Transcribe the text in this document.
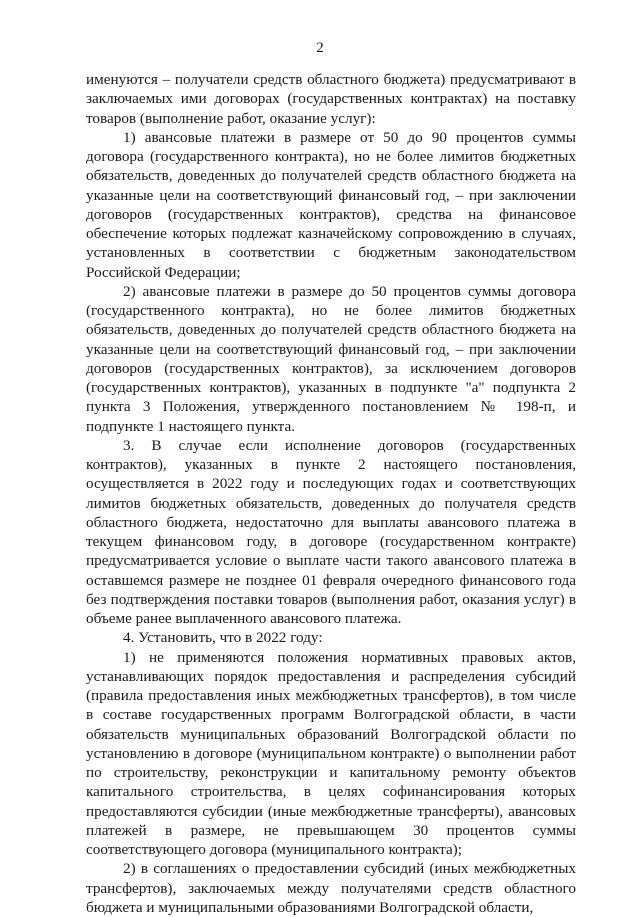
2

именуются – получатели средств областного бюджета) предусматривают в заключаемых ими договорах (государственных контрактах) на поставку товаров (выполнение работ, оказание услуг):

1) авансовые платежи в размере от 50 до 90 процентов суммы договора (государственного контракта), но не более лимитов бюджетных обязательств, доведенных до получателей средств областного бюджета на указанные цели на соответствующий финансовый год, – при заключении договоров (государственных контрактов), средства на финансовое обеспечение которых подлежат казначейскому сопровождению в случаях, установленных в соответствии с бюджетным законодательством Российской Федерации;

2) авансовые платежи в размере до 50 процентов суммы договора (государственного контракта), но не более лимитов бюджетных обязательств, доведенных до получателей средств областного бюджета на указанные цели на соответствующий финансовый год, – при заключении договоров (государственных контрактов), за исключением договоров (государственных контрактов), указанных в подпункте "а" подпункта 2 пункта 3 Положения, утвержденного постановлением № 198-п, и подпункте 1 настоящего пункта.

3. В случае если исполнение договоров (государственных контрактов), указанных в пункте 2 настоящего постановления, осуществляется в 2022 году и последующих годах и соответствующих лимитов бюджетных обязательств, доведенных до получателя средств областного бюджета, недостаточно для выплаты авансового платежа в текущем финансовом году, в договоре (государственном контракте) предусматривается условие о выплате части такого авансового платежа в оставшемся размере не позднее 01 февраля очередного финансового года без подтверждения поставки товаров (выполнения работ, оказания услуг) в объеме ранее выплаченного авансового платежа.

4. Установить, что в 2022 году:

1) не применяются положения нормативных правовых актов, устанавливающих порядок предоставления и распределения субсидий (правила предоставления иных межбюджетных трансфертов), в том числе в составе государственных программ Волгоградской области, в части обязательств муниципальных образований Волгоградской области по установлению в договоре (муниципальном контракте) о выполнении работ по строительству, реконструкции и капитальному ремонту объектов капитального строительства, в целях софинансирования которых предоставляются субсидии (иные межбюджетные трансферты), авансовых платежей в размере, не превышающем 30 процентов суммы соответствующего договора (муниципального контракта);

2) в соглашениях о предоставлении субсидий (иных межбюджетных трансфертов), заключаемых между получателями средств областного бюджета и муниципальными образованиями Волгоградской области,
